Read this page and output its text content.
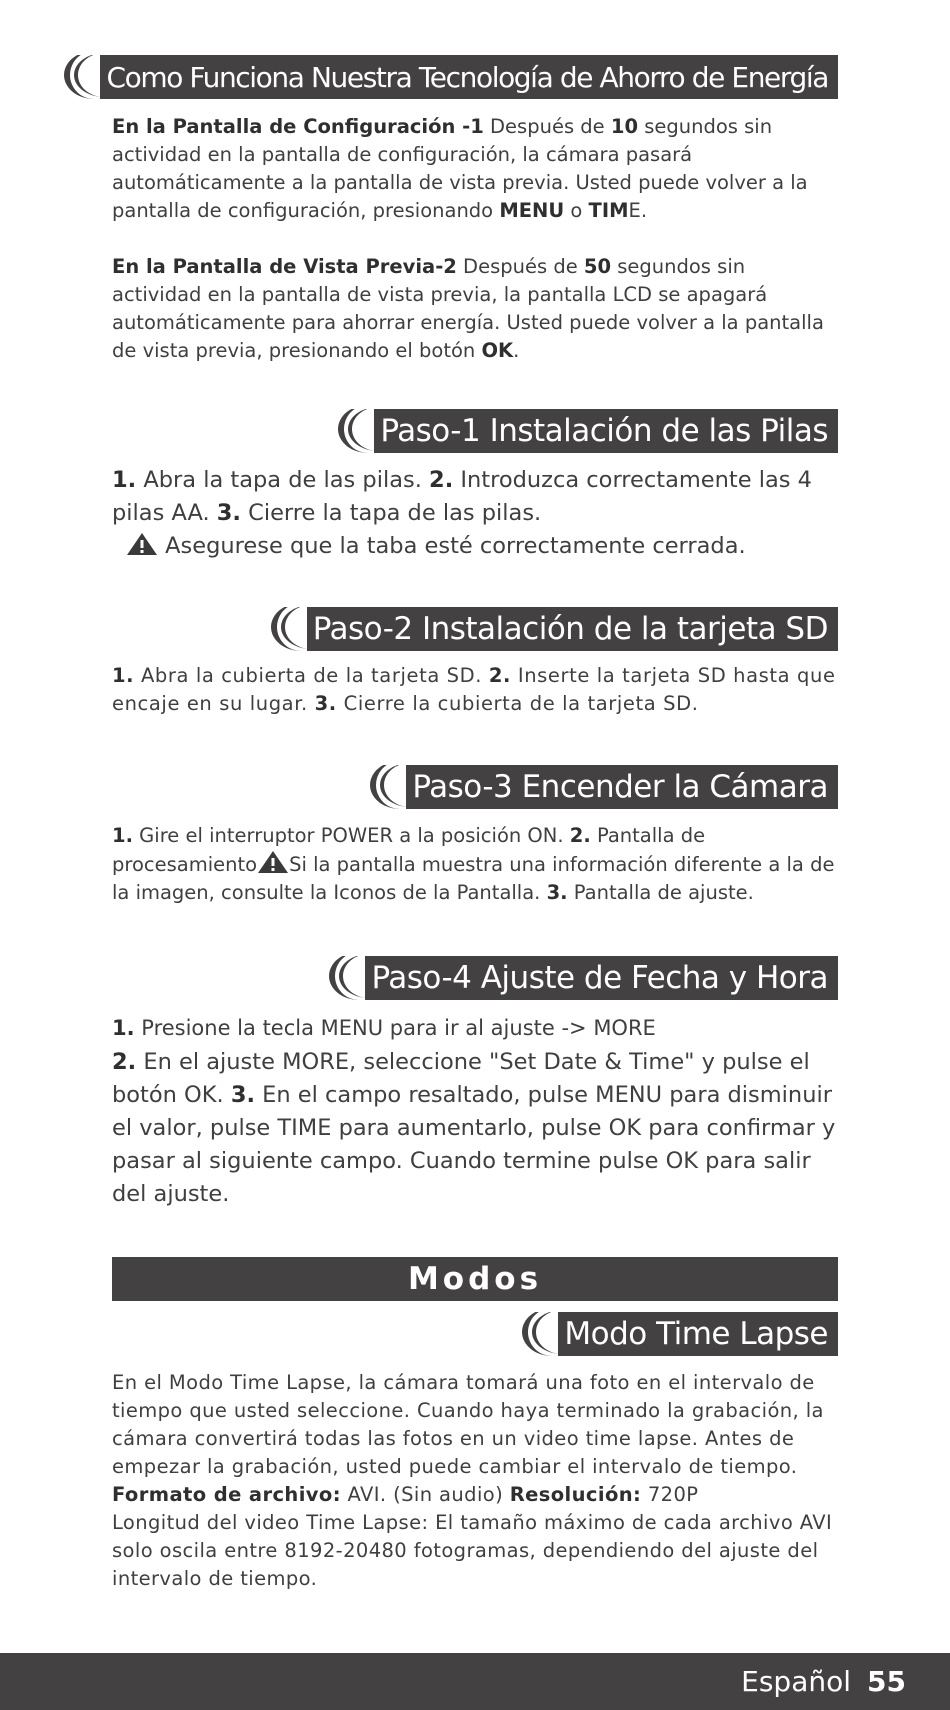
Como Funciona Nuestra Tecnología de Ahorro de Energía

En la Pantalla de Configuración -1 Después de 10 segundos sin actividad en la pantalla de configuración, la cámara pasará automáticamente a la pantalla de vista previa. Usted puede volver a la pantalla de configuración, presionando MENU o TIME.

En la Pantalla de Vista Previa-2 Después de 50 segundos sin actividad en la pantalla de vista previa, la pantalla LCD se apagará automáticamente para ahorrar energía. Usted puede volver a la pantalla de vista previa, presionando el botón OK.

Paso-1 Instalación de las Pilas

1. Abra la tapa de las pilas. 2. Introduzca correctamente las 4 pilas AA. 3. Cierre la tapa de las pilas.
Asegurese que la taba esté correctamente cerrada.

Paso-2 Instalación de la tarjeta SD

1. Abra la cubierta de la tarjeta SD. 2. Inserte la tarjeta SD hasta que encaje en su lugar. 3. Cierre la cubierta de la tarjeta SD.

Paso-3 Encender la Cámara

1. Gire el interruptor POWER a la posición ON. 2. Pantalla de procesamiento Si la pantalla muestra una información diferente a la de la imagen, consulte la Iconos de la Pantalla. 3. Pantalla de ajuste.

Paso-4 Ajuste de Fecha y Hora

1. Presione la tecla MENU para ir al ajuste -> MORE

2. En el ajuste MORE, seleccione "Set Date & Time" y pulse el botón OK. 3. En el campo resaltado, pulse MENU para disminuir el valor, pulse TIME para aumentarlo, pulse OK para confirmar y pasar al siguiente campo. Cuando termine pulse OK para salir del ajuste.

Modos
Modo Time Lapse

En el Modo Time Lapse, la cámara tomará una foto en el intervalo de tiempo que usted seleccione. Cuando haya terminado la grabación, la cámara convertirá todas las fotos en un video time lapse. Antes de empezar la grabación, usted puede cambiar el intervalo de tiempo.
Formato de archivo: AVI. (Sin audio) Resolución: 720P
Longitud del video Time Lapse: El tamaño máximo de cada archivo AVI solo oscila entre 8192-20480 fotogramas, dependiendo del ajuste del intervalo de tiempo.

Español 55
